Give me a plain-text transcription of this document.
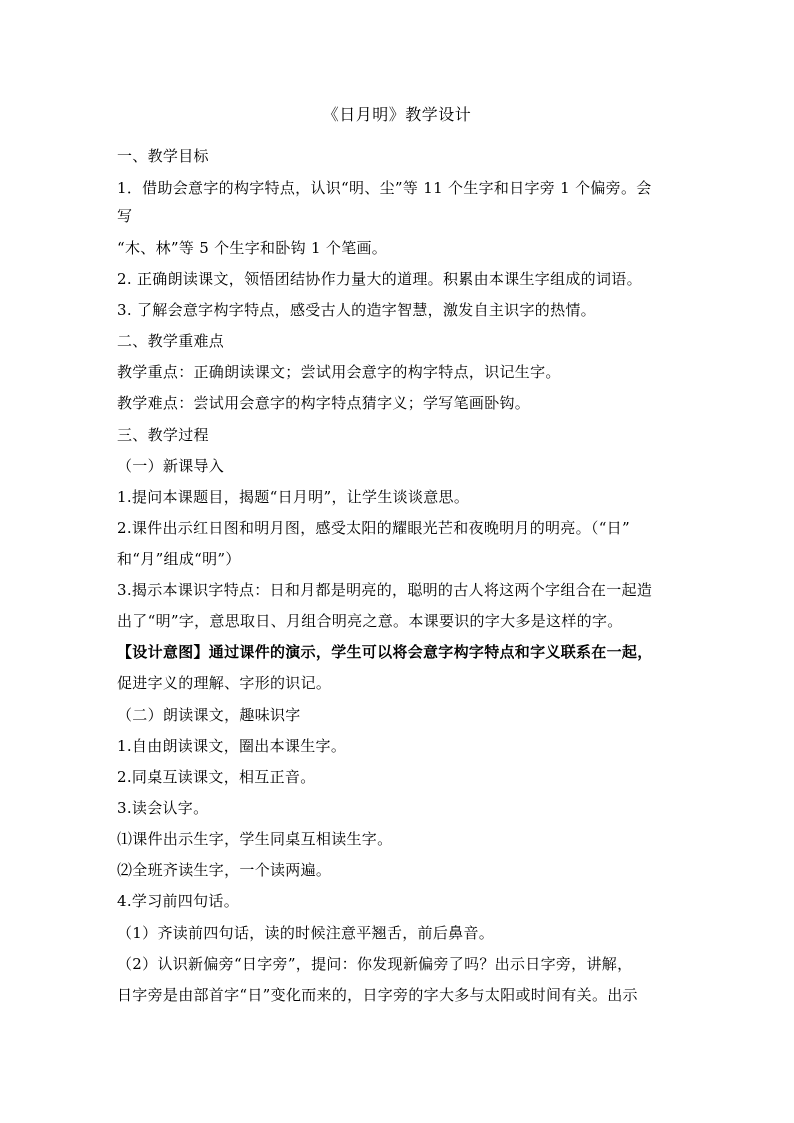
《日月明》教学设计
一、教学目标
1．借助会意字的构字特点，认识“明、尘”等 11 个生字和日字旁 1 个偏旁。会
写
“木、林”等 5 个生字和卧钩 1 个笔画。
2. 正确朗读课文，领悟团结协作力量大的道理。积累由本课生字组成的词语。
3. 了解会意字构字特点，感受古人的造字智慧，激发自主识字的热情。
二、教学重难点
教学重点：正确朗读课文；尝试用会意字的构字特点，识记生字。
教学难点：尝试用会意字的构字特点猜字义；学写笔画卧钩。
三、教学过程
（一）新课导入
1.提问本课题目，揭题“日月明”，让学生谈谈意思。
2.课件出示红日图和明月图，感受太阳的耀眼光芒和夜晚明月的明亮。（“日”
和“月”组成“明”）
3.揭示本课识字特点：日和月都是明亮的，聪明的古人将这两个字组合在一起造
出了“明”字，意思取日、月组合明亮之意。本课要识的字大多是这样的字。
【设计意图】通过课件的演示，学生可以将会意字构字特点和字义联系在一起，
促进字义的理解、字形的识记。
（二）朗读课文，趣味识字
1.自由朗读课文，圈出本课生字。
2.同桌互读课文，相互正音。
3.读会认字。
⑴课件出示生字，学生同桌互相读生字。
⑵全班齐读生字，一个读两遍。
4.学习前四句话。
（1）齐读前四句话，读的时候注意平翘舌，前后鼻音。
（2）认识新偏旁“日字旁”，提问：你发现新偏旁了吗？出示日字旁，讲解，
日字旁是由部首字“日”变化而来的，日字旁的字大多与太阳或时间有关。出示
